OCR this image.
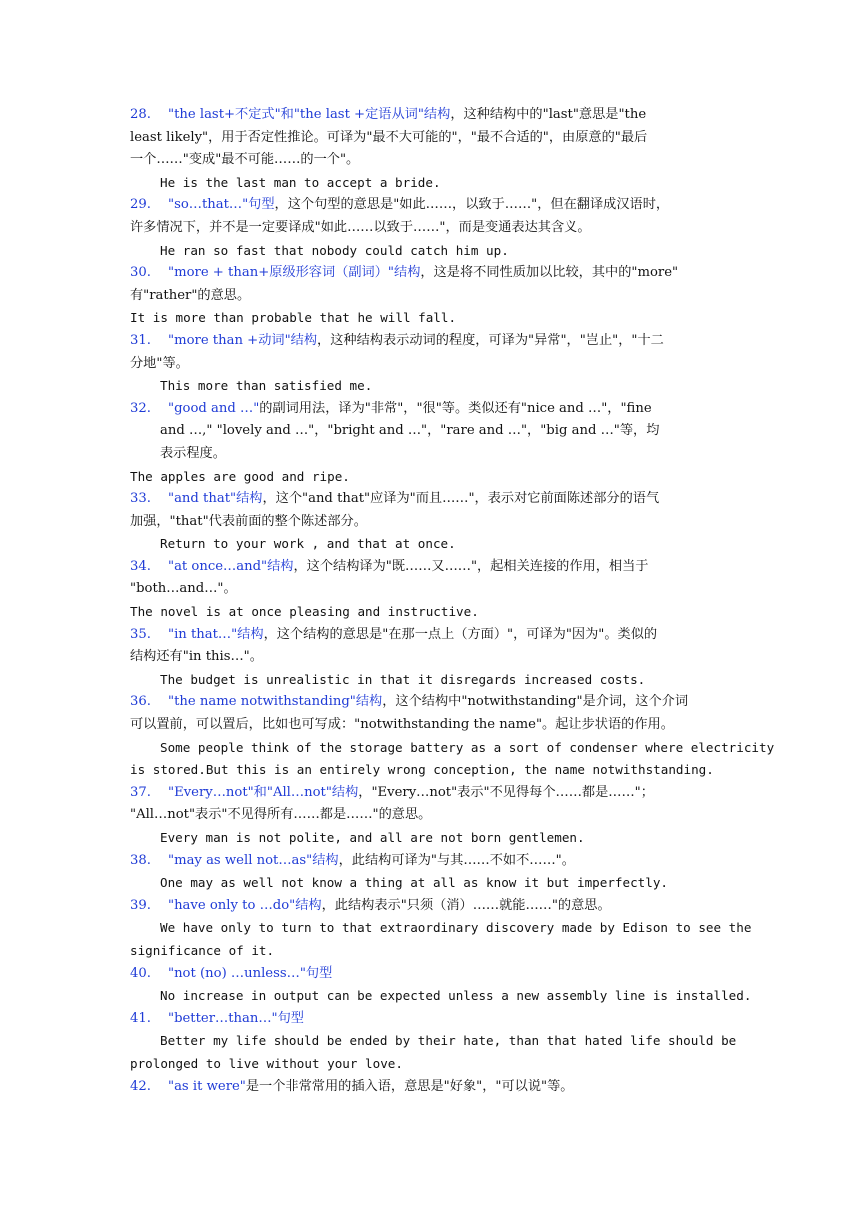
28. "the last+不定式"和"the last +定语从词"结构，这种结构中的"last"意思是"the
least likely"，用于否定性推论。可译为"最不大可能的"，"最不合适的"，由原意的"最后
一个……"变成"最不可能……的一个"。
He is the last man to accept a bride.
29. "so…that…"句型，这个句型的意思是"如此……，以致于……"，但在翻译成汉语时，
许多情况下，并不是一定要译成"如此……以致于……"，而是变通表达其含义。
He ran so fast that nobody could catch him up.
30. "more + than+原级形容词（副词）"结构，这是将不同性质加以比较，其中的"more"
有"rather"的意思。
It is more than probable that he will fall.
31. "more than +动词"结构，这种结构表示动词的程度，可译为"异常"，"岂止"，"十二
分地"等。
This more than satisfied me.
32. "good and …"的副词用法，译为"非常"，"很"等。类似还有"nice and …"，"fine
and …," "lovely and …"，"bright and …"，"rare and …"，"big and …"等，均
表示程度。
The apples are good and ripe.
33. "and that"结构，这个"and that"应译为"而且……"，表示对它前面陈述部分的语气
加强，"that"代表前面的整个陈述部分。
Return to your work , and that at once.
34. "at once…and"结构，这个结构译为"既……又……"，起相关连接的作用，相当于
"both…and…"。
The novel is at once pleasing and instructive.
35. "in that…"结构，这个结构的意思是"在那一点上（方面）"，可译为"因为"。类似的
结构还有"in this…"。
The budget is unrealistic in that it disregards increased costs.
36. "the name notwithstanding"结构，这个结构中"notwithstanding"是介词，这个介词
可以置前，可以置后，比如也可写成："notwithstanding the name"。起让步状语的作用。
Some people think of the storage battery as a sort of condenser where electricity
is stored.But this is an entirely wrong conception, the name notwithstanding.
37. "Every…not"和"All…not"结构，"Every…not"表示"不见得每个……都是……"；
"All…not"表示"不见得所有……都是……"的意思。
Every man is not polite, and all are not born gentlemen.
38. "may as well not…as"结构，此结构可译为"与其……不如不……"。
One may as well not know a thing at all as know it but imperfectly.
39. "have only to …do"结构，此结构表示"只须（消）……就能……"的意思。
We have only to turn to that extraordinary discovery made by Edison to see the
significance of it.
40. "not (no) …unless…"句型
No increase in output can be expected unless a new assembly line is installed.
41. "better…than…"句型
Better my life should be ended by their hate, than that hated life should be
prolonged to live without your love.
42. "as it were"是一个非常常用的插入语，意思是"好象"，"可以说"等。
